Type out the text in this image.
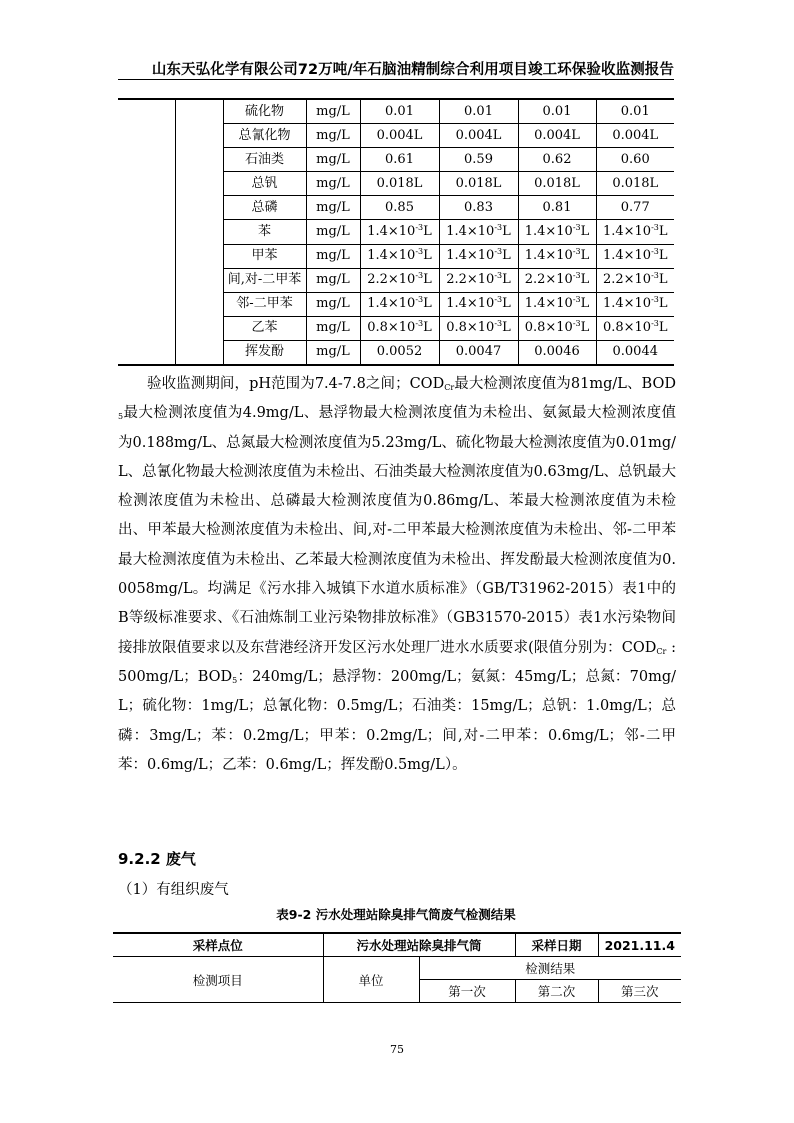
山东天弘化学有限公司72万吨/年石脑油精制综合利用项目竣工环保验收监测报告
		硫化物	mg/L	0.01	0.01	0.01	0.01
		总氰化物	mg/L	0.004L	0.004L	0.004L	0.004L
		石油类	mg/L	0.61	0.59	0.62	0.60
		总钒	mg/L	0.018L	0.018L	0.018L	0.018L
		总磷	mg/L	0.85	0.83	0.81	0.77
		苯	mg/L	$1.4\times 10^{-3}L$	$1.4\times 10^{-3}L$	$1.4\times 10^{-3}L$	$1.4\times 10^{-3}L$
		甲苯	mg/L	$1.4\times 10^{-3}L$	$1.4\times 10^{-3}L$	$1.4\times 10^{-3}L$	$1.4\times 10^{-3}L$
		间,对-二甲苯	mg/L	$2.2\times 10^{-3}L$	$2.2\times 10^{-3}L$	$2.2\times 10^{-3}L$	$2.2\times 10^{-3}L$
		邻-二甲苯	mg/L	$1.4\times 10^{-3}L$	$1.4\times 10^{-3}L$	$1.4\times 10^{-3}L$	$1.4\times 10^{-3}L$
		乙苯	mg/L	$0.8\times 10^{-3}L$	$0.8\times 10^{-3}L$	$0.8\times 10^{-3}L$	$0.8\times 10^{-3}L$
		挥发酚	mg/L	0.0052	0.0047	0.0046	0.0044

验收监测期间，pH范围为7.4-7.8之间；$COD_{Cr}$最大检测浓度值为81mg/L、$BOD_5$最大检测浓度值为4.9mg/L、悬浮物最大检测浓度值为未检出、氨氮最大检测浓度值为0.188mg/L、总氮最大检测浓度值为5.23mg/L、硫化物最大检测浓度值为0.01mg/L、总氰化物最大检测浓度值为未检出、石油类最大检测浓度值为0.63mg/L、总钒最大检测浓度值为未检出、总磷最大检测浓度值为0.86mg/L、苯最大检测浓度值为未检出、甲苯最大检测浓度值为未检出、间,对-二甲苯最大检测浓度值为未检出、邻-二甲苯最大检测浓度值为未检出、乙苯最大检测浓度值为未检出、挥发酚最大检测浓度值为0.0058mg/L。均满足《污水排入城镇下水道水质标准》（GB/T31962-2015）表1中的B等级标准要求、《石油炼制工业污染物排放标准》（GB31570-2015）表1水污染物间接排放限值要求以及东营港经济开发区污水处理厂进水水质要求(限值分别为：$COD_{Cr}$ :500mg/L；$BOD_5$：240mg/L；悬浮物：200mg/L；氨氮：45mg/L；总氮：70mg/L；硫化物：1mg/L；总氰化物：0.5mg/L；石油类：15mg/L；总钒：1.0mg/L；总磷：3mg/L；苯：0.2mg/L；甲苯：0.2mg/L；间,对-二甲苯：0.6mg/L；邻-二甲苯：0.6mg/L；乙苯：0.6mg/L；挥发酚0.5mg/L）。

9.2.2 废气
（1）有组织废气
表9-2 污水处理站除臭排气筒废气检测结果
采样点位	污水处理站除臭排气筒		采样日期	2021.11.4
检测项目	单位	检测结果		
		第一次	第二次	第三次
75
